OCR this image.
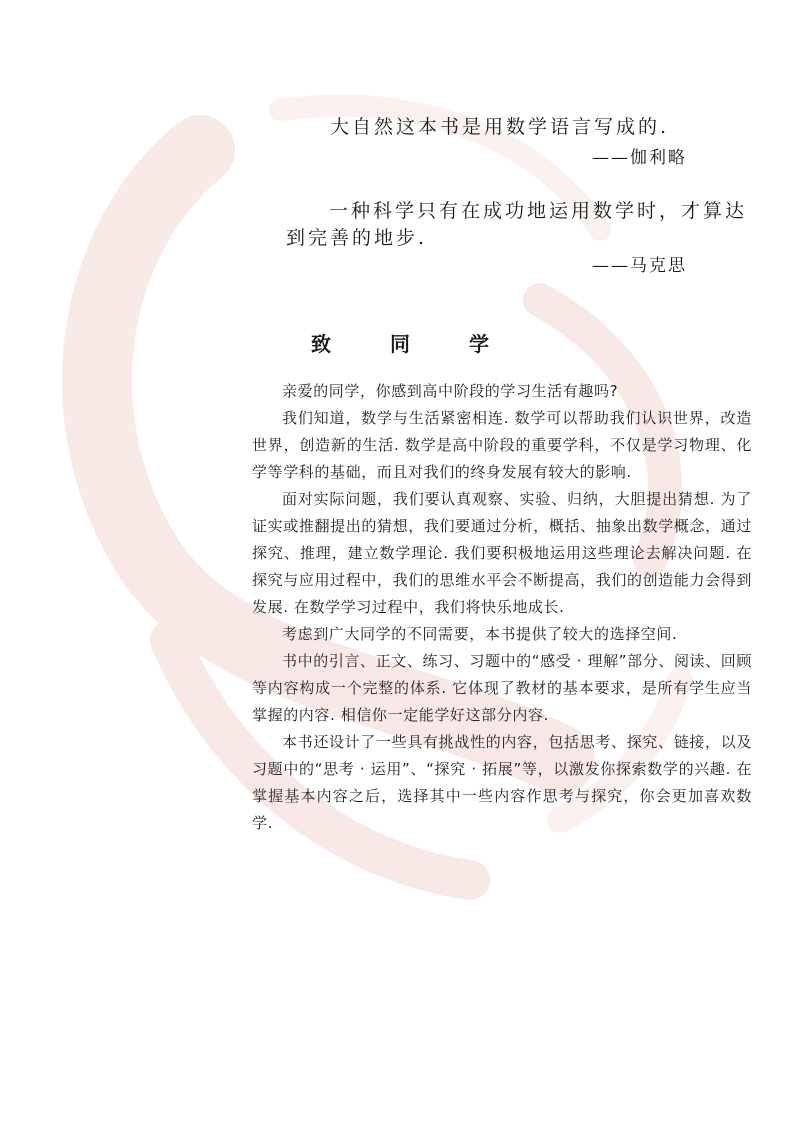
大自然这本书是用数学语言写成的.
——伽利略
一种科学只有在成功地运用数学时，才算达
到完善的地步.
——马克思
致 同 学

亲爱的同学，你感到高中阶段的学习生活有趣吗?

我们知道，数学与生活紧密相连. 数学可以帮助我们认识世界，改造世界，创造新的生活. 数学是高中阶段的重要学科，不仅是学习物理、化学等学科的基础，而且对我们的终身发展有较大的影响.

面对实际问题，我们要认真观察、实验、归纳，大胆提出猜想. 为了证实或推翻提出的猜想，我们要通过分析，概括、抽象出数学概念，通过探究、推理，建立数学理论. 我们要积极地运用这些理论去解决问题. 在探究与应用过程中，我们的思维水平会不断提高，我们的创造能力会得到发展. 在数学学习过程中，我们将快乐地成长.

考虑到广大同学的不同需要，本书提供了较大的选择空间.

书中的引言、正文、练习、习题中的“感受 · 理解”部分、阅读、回顾等内容构成一个完整的体系. 它体现了教材的基本要求，是所有学生应当掌握的内容. 相信你一定能学好这部分内容.

本书还设计了一些具有挑战性的内容，包括思考、探究、链接，以及习题中的“思考 · 运用”、“探究 · 拓展”等，以激发你探索数学的兴趣. 在掌握基本内容之后，选择其中一些内容作思考与探究，你会更加喜欢数学.
